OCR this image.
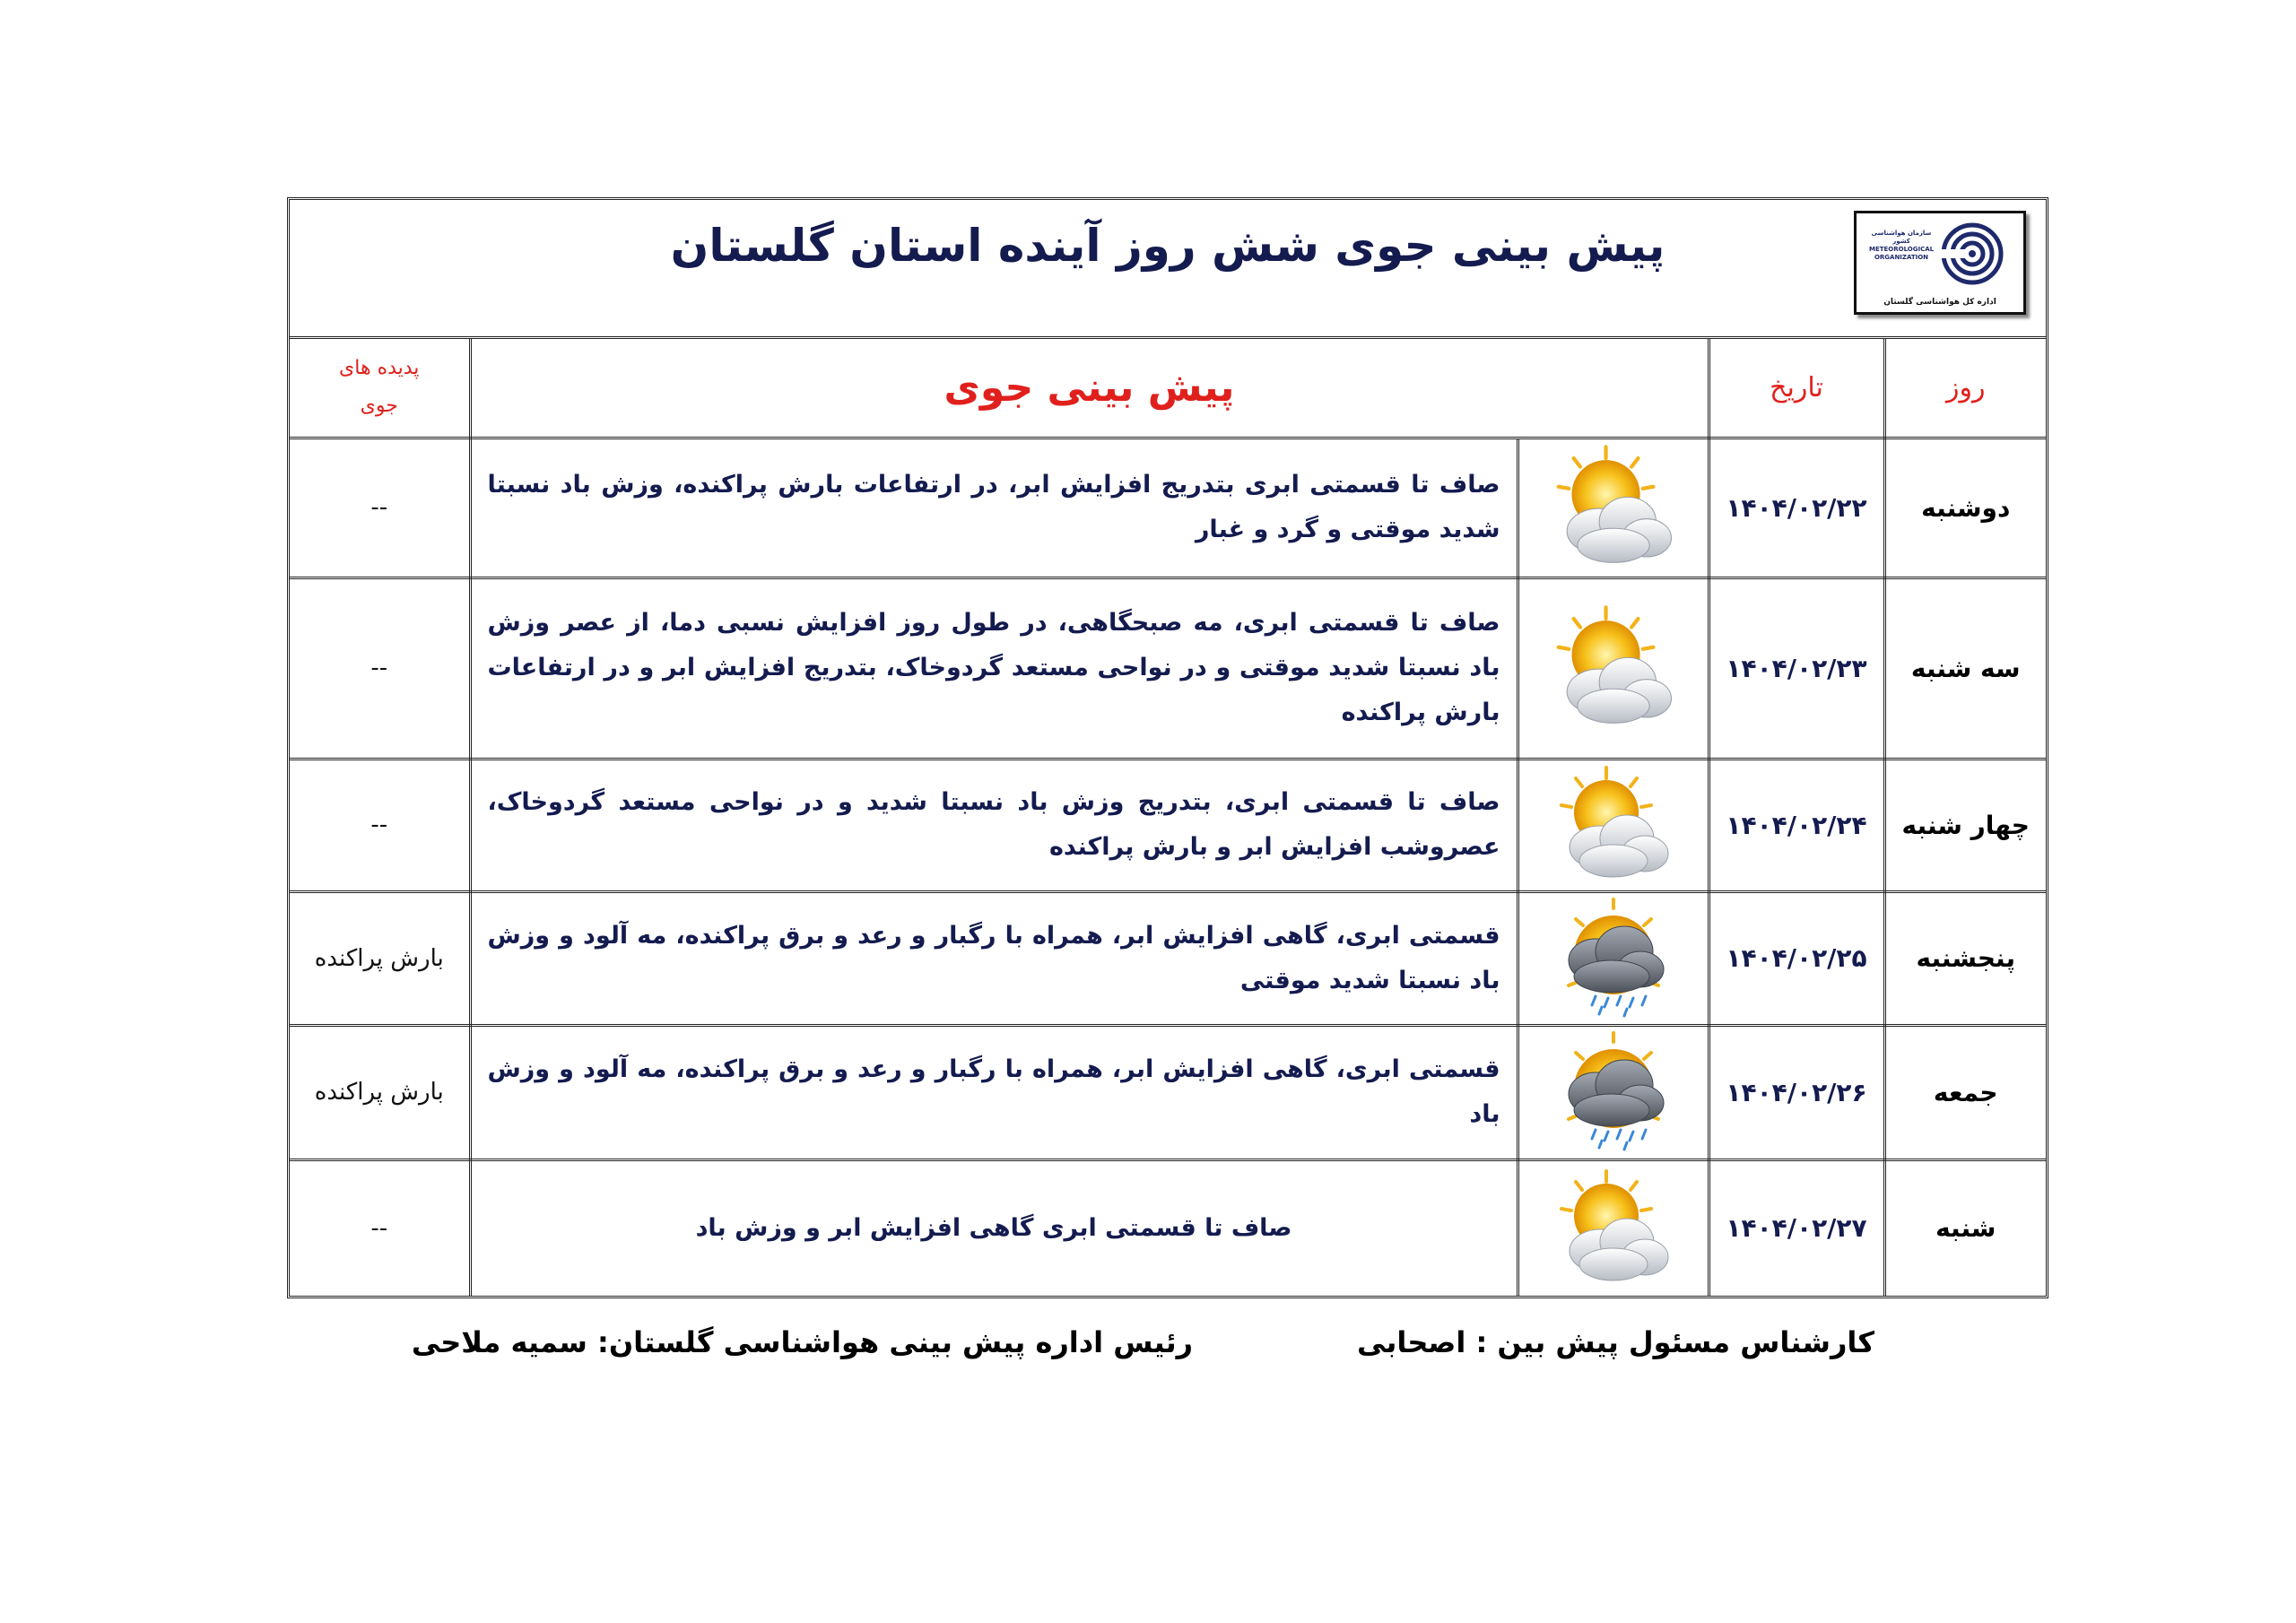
پیش بینی جوی شش روز آینده استان گلستان	سازمان هواشناسی کشور
METEOROLOGICAL ORGANIZATION
اداره کل هواشناسی گلستان
روز	تاریخ	پیش بینی جوی		پدیده های
جوی

دوشنبه	۱۴۰۴/۰۲/۲۲		صاف تا قسمتی ابری بتدریج افزایش ابر، در ارتفاعات بارش پراکنده، وزش باد نسبتا شدید موقتی و گرد و غبار	--
سه شنبه	۱۴۰۴/۰۲/۲۳		صاف تا قسمتی ابری، مه صبحگاهی، در طول روز افزایش نسبی دما، از عصر وزش باد نسبتا شدید موقتی و در نواحی مستعد گردوخاک، بتدریج افزایش ابر و در ارتفاعات بارش پراکنده	--
چهار شنبه	۱۴۰۴/۰۲/۲۴		صاف تا قسمتی ابری، بتدریج وزش باد نسبتا شدید و در نواحی مستعد گردوخاک، عصروشب افزایش ابر و بارش پراکنده	--
پنجشنبه	۱۴۰۴/۰۲/۲۵		قسمتی ابری، گاهی افزایش ابر، همراه با رگبار و رعد و برق پراکنده، مه آلود و وزش باد نسبتا شدید موقتی	بارش پراکنده
جمعه	۱۴۰۴/۰۲/۲۶		قسمتی ابری، گاهی افزایش ابر، همراه با رگبار و رعد و برق پراکنده، مه آلود و وزش باد	بارش پراکنده
شنبه	۱۴۰۴/۰۲/۲۷		صاف تا قسمتی ابری گاهی افزایش ابر و وزش باد	--
کارشناس مسئول پیش بین : اصحابی
رئیس اداره پیش بینی هواشناسی گلستان: سمیه ملاحی
